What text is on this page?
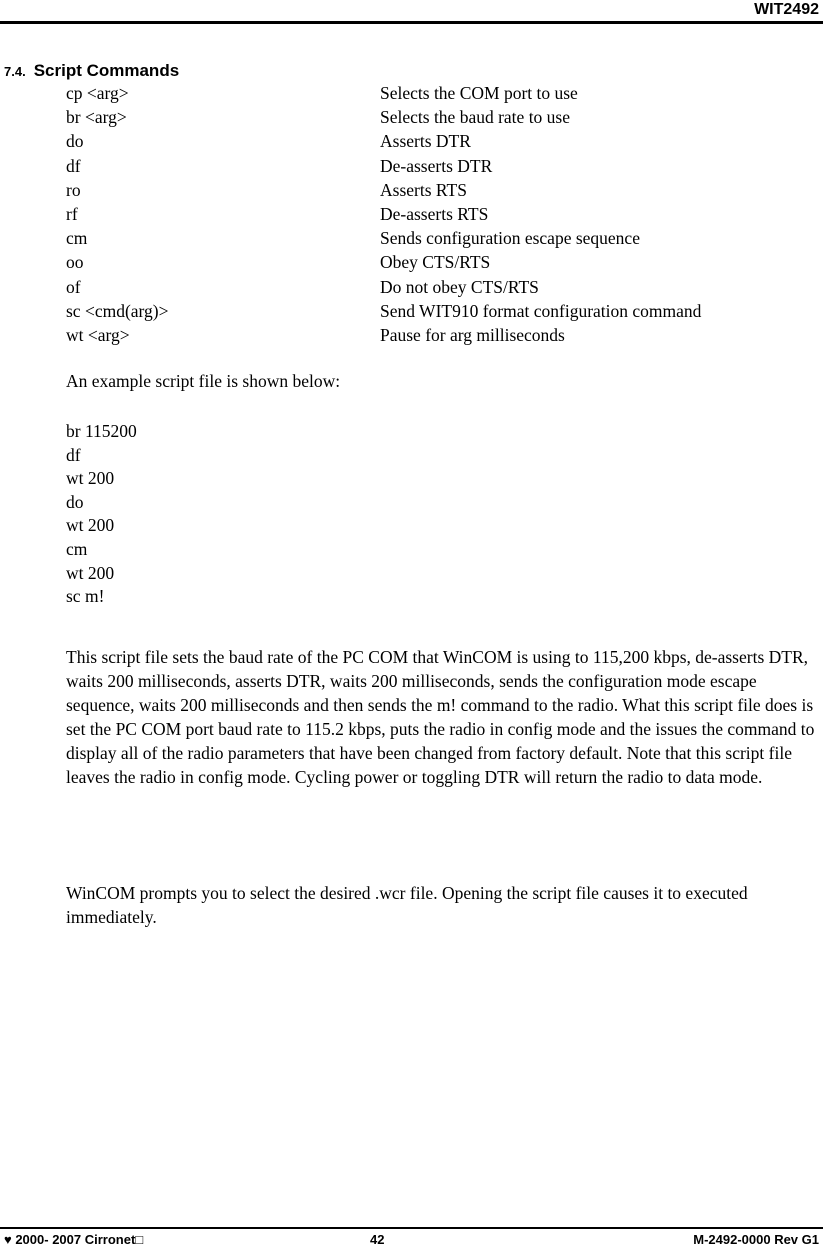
WIT2492
7.4. Script Commands
cp <arg>	Selects the COM port to use
br <arg>	Selects the baud rate to use
do	Asserts DTR
df	De-asserts DTR
ro	Asserts RTS
rf	De-asserts RTS
cm	Sends configuration escape sequence
oo	Obey CTS/RTS
of	Do not obey CTS/RTS
sc <cmd(arg)>	Send WIT910 format configuration command
wt <arg>	Pause for arg milliseconds
An example script file is shown below:
br 115200
df
wt 200
do
wt 200
cm
wt 200
sc m!
This script file sets the baud rate of the PC COM that WinCOM is using to 115,200 kbps, de-asserts DTR, waits 200 milliseconds, asserts DTR, waits 200 milliseconds, sends the configuration mode escape sequence, waits 200 milliseconds and then sends the m! command to the radio. What this script file does is set the PC COM port baud rate to 115.2 kbps, puts the radio in config mode and the issues the command to display all of the radio parameters that have been changed from factory default. Note that this script file leaves the radio in config mode. Cycling power or toggling DTR will return the radio to data mode.
WinCOM prompts you to select the desired .wcr file. Opening the script file causes it to executed immediately.
♥ 2000- 2007 Cirronet□	42	M-2492-0000 Rev G1
